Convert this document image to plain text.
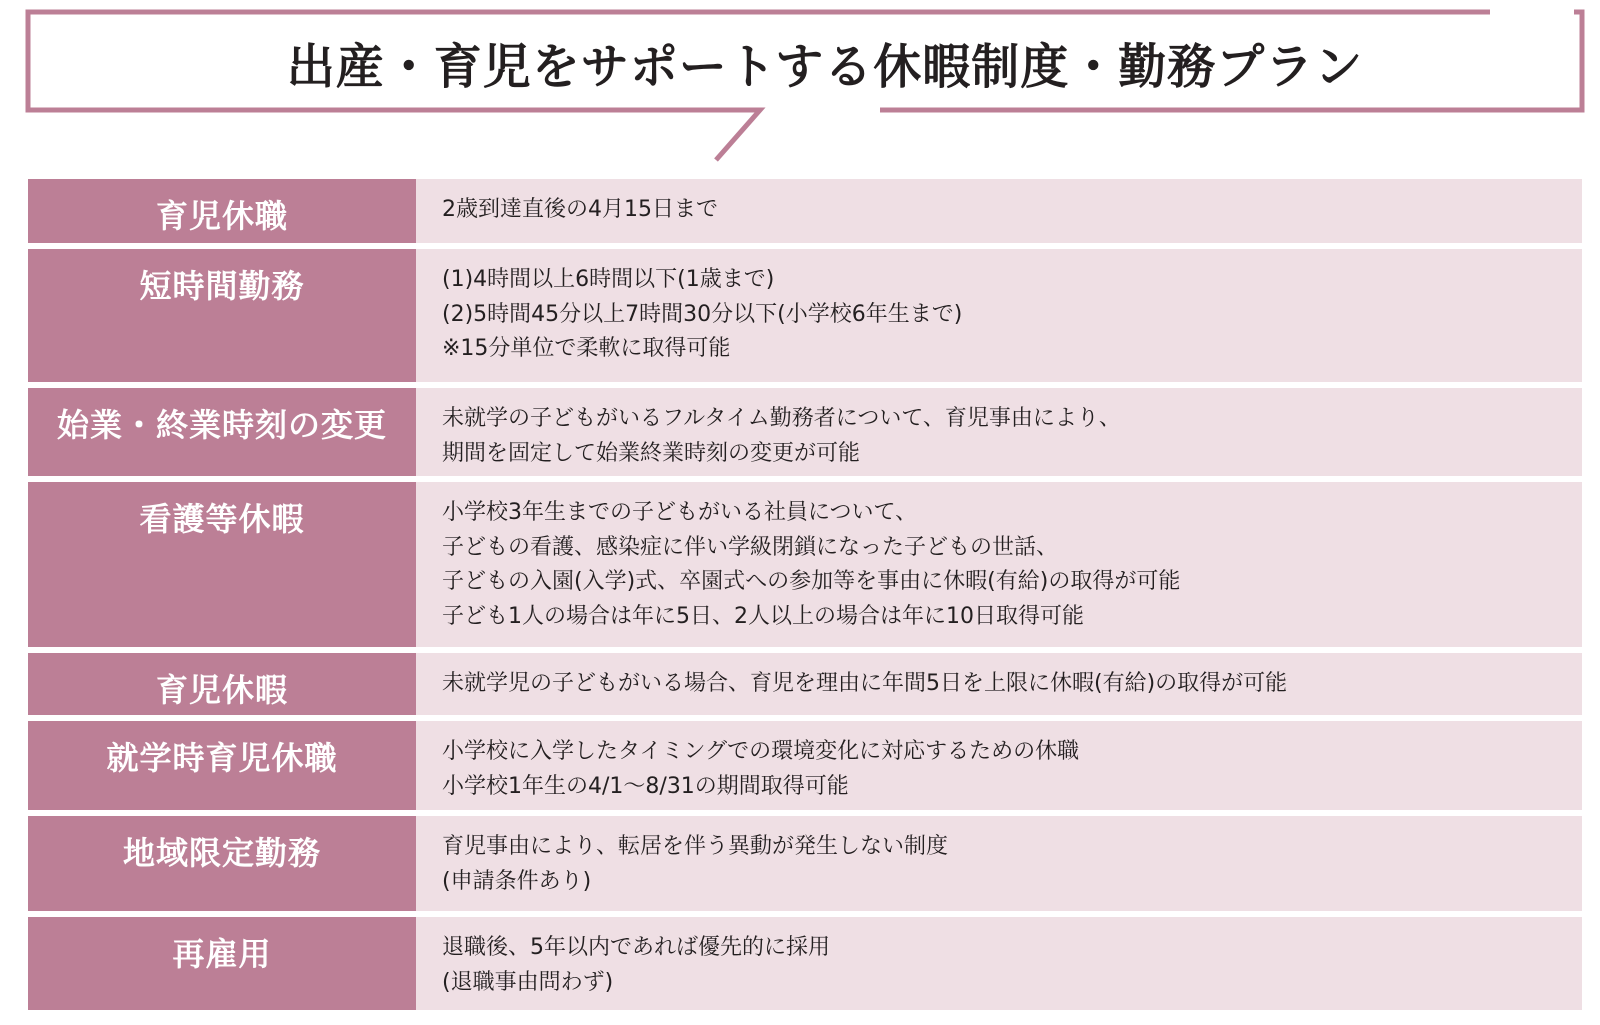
出産・育児をサポートする休暇制度・勤務プラン
育児休職	2歳到達直後の4月15日まで
短時間勤務	(1)4時間以上6時間以下(1歳まで)
(2)5時間45分以上7時間30分以下(小学校6年生まで)
※15分単位で柔軟に取得可能
始業・終業時刻の変更	未就学の子どもがいるフルタイム勤務者について、育児事由により、
期間を固定して始業終業時刻の変更が可能
看護等休暇	小学校3年生までの子どもがいる社員について、
子どもの看護、感染症に伴い学級閉鎖になった子どもの世話、
子どもの入園(入学)式、卒園式への参加等を事由に休暇(有給)の取得が可能
子ども1人の場合は年に5日、2人以上の場合は年に10日取得可能
育児休暇	未就学児の子どもがいる場合、育児を理由に年間5日を上限に休暇(有給)の取得が可能
就学時育児休職	小学校に入学したタイミングでの環境変化に対応するための休職
小学校1年生の4/1～8/31の期間取得可能
地域限定勤務	育児事由により、転居を伴う異動が発生しない制度
(申請条件あり)
再雇用	退職後、5年以内であれば優先的に採用
(退職事由問わず)
